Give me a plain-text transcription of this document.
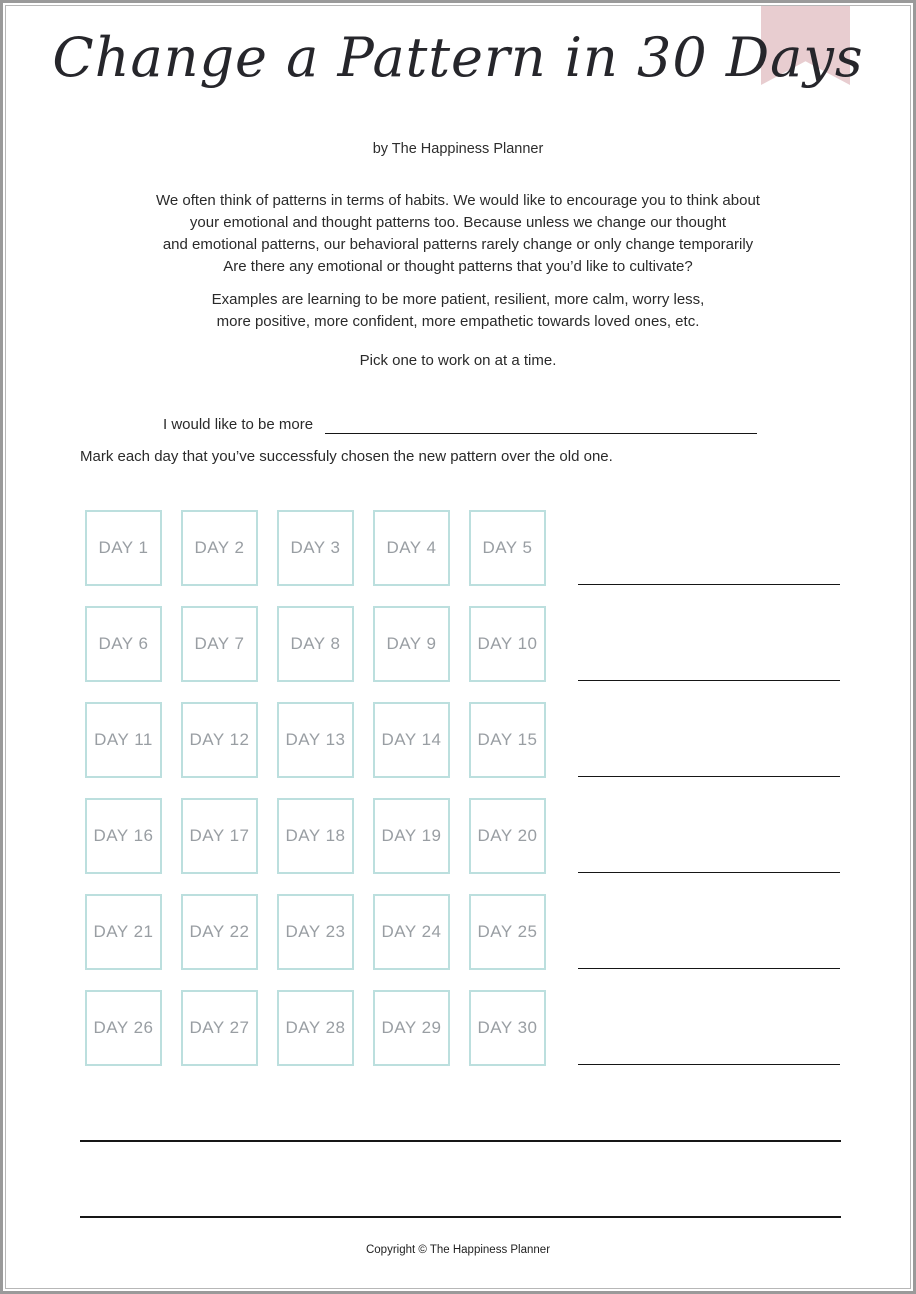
Change a Pattern in 30 Days
by The Happiness Planner
We often think of patterns in terms of habits. We would like to encourage you to think about
your emotional and thought patterns too. Because unless we change our thought
and emotional patterns, our behavioral patterns rarely change or only change temporarily
Are there any emotional or thought patterns that you’d like to cultivate?
Examples are learning to be more patient, resilient, more calm, worry less,
more positive, more confident, more empathetic towards loved ones, etc.
Pick one to work on at a time.
I would like to be more
Mark each day that you’ve successfuly chosen the new pattern over the old one.
DAY 1	DAY 2	DAY 3	DAY 4	DAY 5
DAY 6	DAY 7	DAY 8	DAY 9 DAY 10
DAY 11 DAY 12 DAY 13 DAY 14 DAY 15
DAY 16 DAY 17 DAY 18 DAY 19 DAY 20
DAY 21 DAY 22 DAY 23 DAY 24 DAY 25
DAY 26 DAY 27 DAY 28 DAY 29 DAY 30
Copyright © The Happiness Planner
